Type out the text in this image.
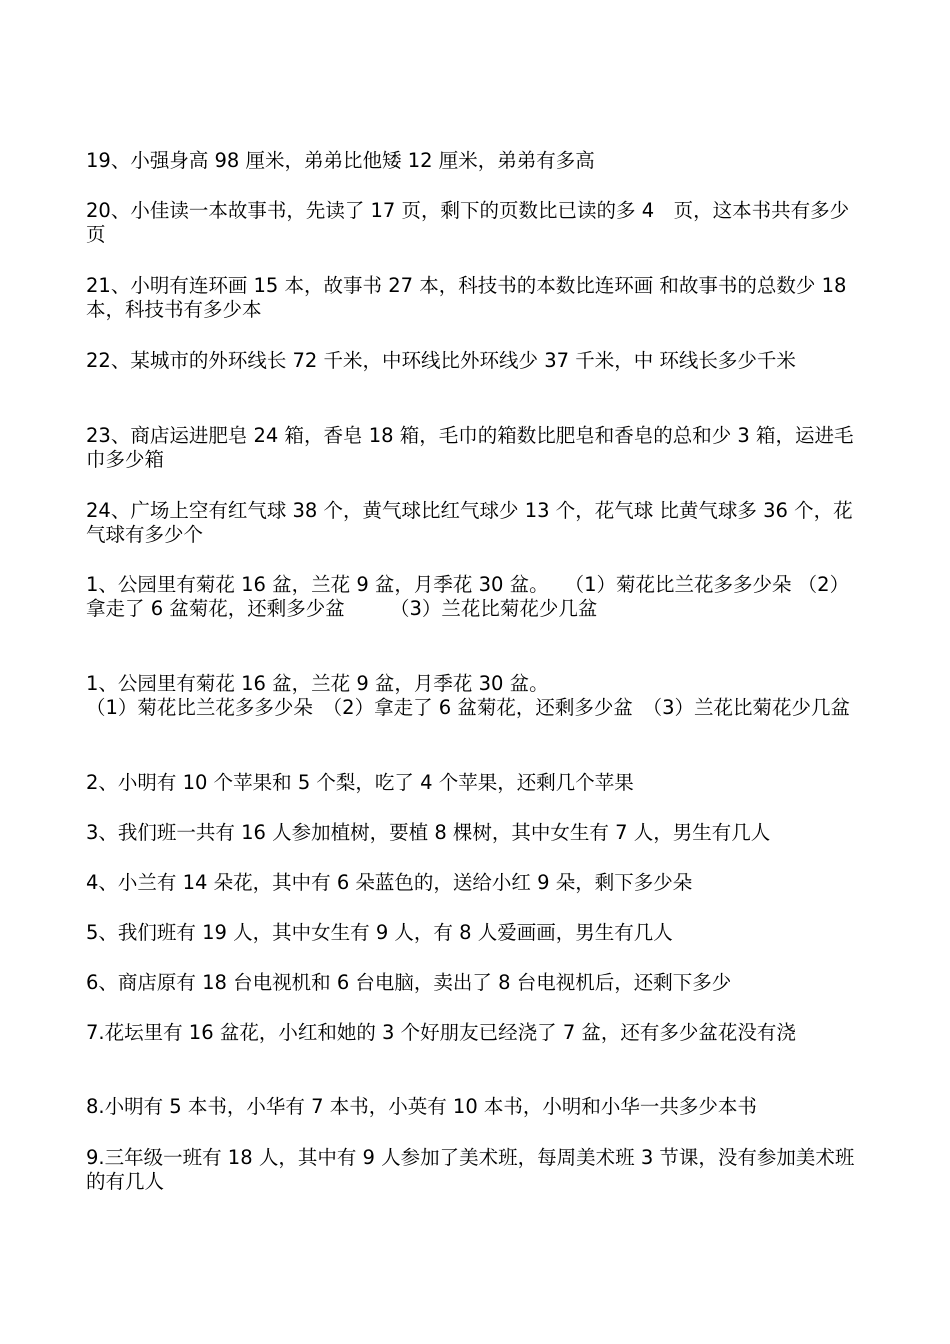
19、小强身高 98 厘米，弟弟比他矮 12 厘米，弟弟有多高
20、小佳读一本故事书，先读了 17 页，剩下的页数比已读的多 4　页，这本书共有多少页
21、小明有连环画 15 本，故事书 27 本，科技书的本数比连环画 和故事书的总数少 18 本，科技书有多少本
22、某城市的外环线长 72 千米，中环线比外环线少 37 千米，中 环线长多少千米
23、商店运进肥皂 24 箱，香皂 18 箱，毛巾的箱数比肥皂和香皂的总和少 3 箱，运进毛巾多少箱
24、广场上空有红气球 38 个，黄气球比红气球少 13 个，花气球 比黄气球多 36 个，花气球有多少个
1、公园里有菊花 16 盆，兰花 9 盆，月季花 30 盆。　 （1）菊花比兰花多多少朵 （2）拿走了 6 盆菊花，还剩多少盆　　 （3）兰花比菊花少几盆
1、公园里有菊花 16 盆，兰花 9 盆，月季花 30 盆。
（1）菊花比兰花多多少朵　（2）拿走了 6 盆菊花，还剩多少盆　（3）兰花比菊花少几盆
2、小明有 10 个苹果和 5 个梨，吃了 4 个苹果，还剩几个苹果
3、我们班一共有 16 人参加植树，要植 8 棵树，其中女生有 7 人，男生有几人
4、小兰有 14 朵花，其中有 6 朵蓝色的，送给小红 9 朵，剩下多少朵
5、我们班有 19 人，其中女生有 9 人，有 8 人爱画画，男生有几人
6、商店原有 18 台电视机和 6 台电脑，卖出了 8 台电视机后，还剩下多少
7.花坛里有 16 盆花，小红和她的 3 个好朋友已经浇了 7 盆，还有多少盆花没有浇
8.小明有 5 本书，小华有 7 本书，小英有 10 本书，小明和小华一共多少本书
9.三年级一班有 18 人，其中有 9 人参加了美术班，每周美术班 3 节课，没有参加美术班的有几人
